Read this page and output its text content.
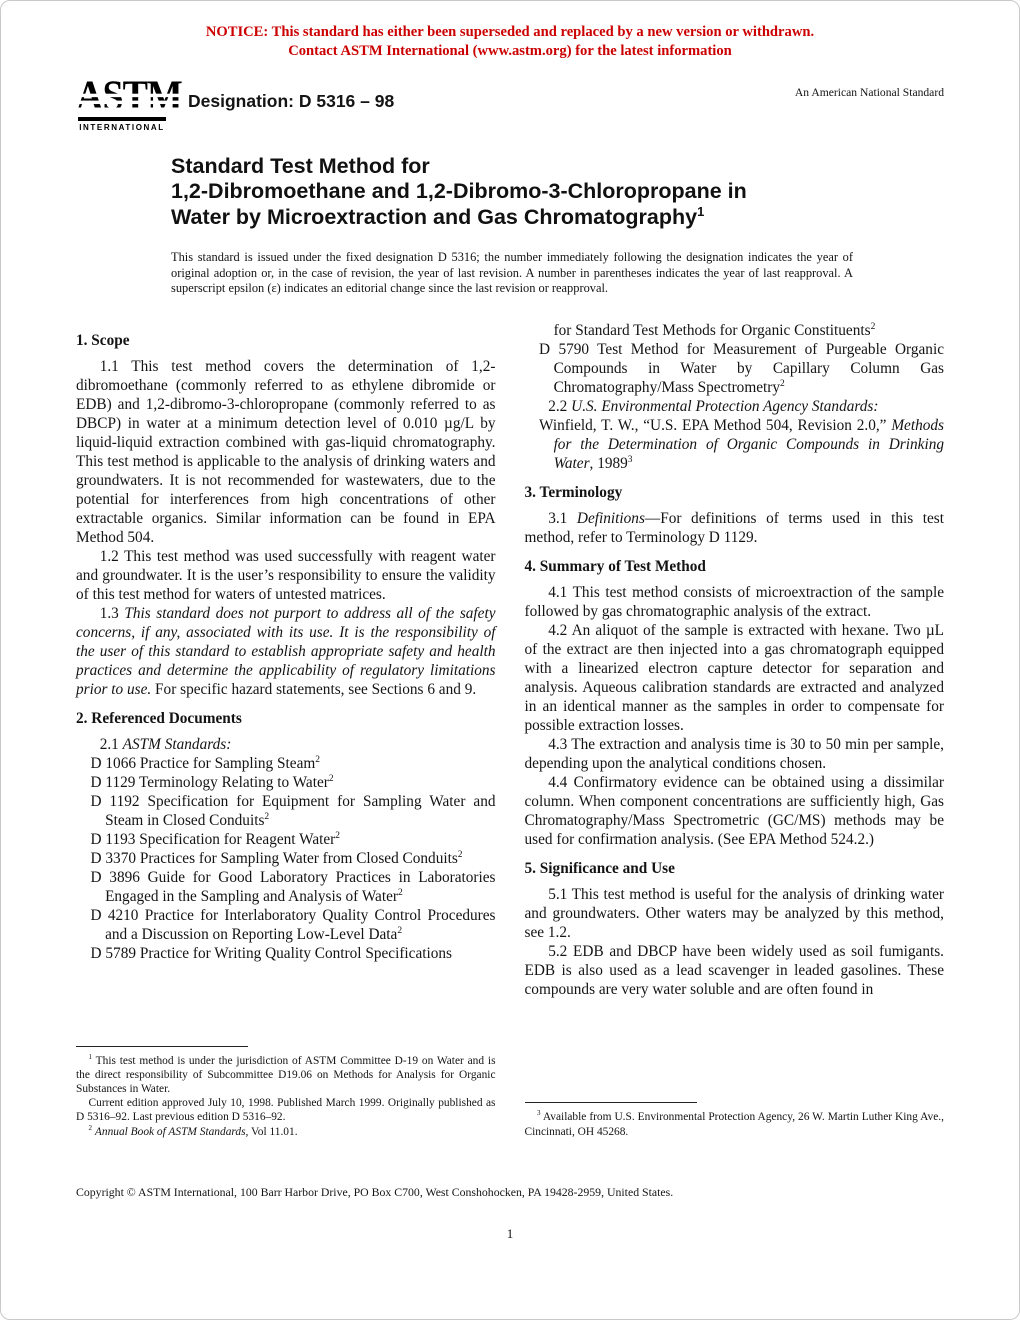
NOTICE: This standard has either been superseded and replaced by a new version or withdrawn.
Contact ASTM International (www.astm.org) for the latest information
INTERNATIONAL
Designation: D 5316 – 98	An American National Standard
Standard Test Method for
1,2-Dibromoethane and 1,2-Dibromo-3-Chloropropane in
Water by Microextraction and Gas Chromatography$^1$
This standard is issued under the fixed designation D 5316; the number immediately following the designation indicates the year of original adoption or, in the case of revision, the year of last revision. A number in parentheses indicates the year of last reapproval. A superscript epsilon (ε) indicates an editorial change since the last revision or reapproval.

1. Scope

1.1 This test method covers the determination of 1,2-dibromoethane (commonly referred to as ethylene dibromide or EDB) and 1,2-dibromo-3-chloropropane (commonly referred to as DBCP) in water at a minimum detection level of 0.010 µg/L by liquid-liquid extraction combined with gas-liquid chromatography. This test method is applicable to the analysis of drinking waters and groundwaters. It is not recommended for wastewaters, due to the potential for interferences from high concentrations of other extractable organics. Similar information can be found in EPA Method 504.

1.2 This test method was used successfully with reagent water and groundwater. It is the user’s responsibility to ensure the validity of this test method for waters of untested matrices.

1.3 This standard does not purport to address all of the safety concerns, if any, associated with its use. It is the responsibility of the user of this standard to establish appropriate safety and health practices and determine the applicability of regulatory limitations prior to use. For specific hazard statements, see Sections 6 and 9.

2. Referenced Documents

2.1 ASTM Standards:

D 1066 Practice for Sampling Steam$^2$

D 1129 Terminology Relating to Water$^2$

D 1192 Specification for Equipment for Sampling Water and Steam in Closed Conduits$^2$

D 1193 Specification for Reagent Water$^2$

D 3370 Practices for Sampling Water from Closed Conduits$^2$

D 3896 Guide for Good Laboratory Practices in Laboratories Engaged in the Sampling and Analysis of Water$^2$

D 4210 Practice for Interlaboratory Quality Control Procedures and a Discussion on Reporting Low-Level Data$^2$

D 5789 Practice for Writing Quality Control Specifications

$^1$ This test method is under the jurisdiction of ASTM Committee D-19 on Water and is the direct responsibility of Subcommittee D19.06 on Methods for Analysis for Organic Substances in Water.

Current edition approved July 10, 1998. Published March 1999. Originally published as D 5316–92. Last previous edition D 5316–92.

$^2$ Annual Book of ASTM Standards, Vol 11.01.

for Standard Test Methods for Organic Constituents$^2$

D 5790 Test Method for Measurement of Purgeable Organic Compounds in Water by Capillary Column Gas Chromatography/Mass Spectrometry$^2$

2.2 U.S. Environmental Protection Agency Standards:

Winfield, T. W., “U.S. EPA Method 504, Revision 2.0,” Methods for the Determination of Organic Compounds in Drinking Water, 1989$^3$

3. Terminology

3.1 Definitions—For definitions of terms used in this test method, refer to Terminology D 1129.

4. Summary of Test Method

4.1 This test method consists of microextraction of the sample followed by gas chromatographic analysis of the extract.

4.2 An aliquot of the sample is extracted with hexane. Two µL of the extract are then injected into a gas chromatograph equipped with a linearized electron capture detector for separation and analysis. Aqueous calibration standards are extracted and analyzed in an identical manner as the samples in order to compensate for possible extraction losses.

4.3 The extraction and analysis time is 30 to 50 min per sample, depending upon the analytical conditions chosen.

4.4 Confirmatory evidence can be obtained using a dissimilar column. When component concentrations are sufficiently high, Gas Chromatography/Mass Spectrometric (GC/MS) methods may be used for confirmation analysis. (See EPA Method 524.2.)

5. Significance and Use

5.1 This test method is useful for the analysis of drinking water and groundwaters. Other waters may be analyzed by this method, see 1.2.

5.2 EDB and DBCP have been widely used as soil fumigants. EDB is also used as a lead scavenger in leaded gasolines. These compounds are very water soluble and are often found in

$^3$ Available from U.S. Environmental Protection Agency, 26 W. Martin Luther King Ave., Cincinnati, OH 45268.

Copyright © ASTM International, 100 Barr Harbor Drive, PO Box C700, West Conshohocken, PA 19428-2959, United States.
1
